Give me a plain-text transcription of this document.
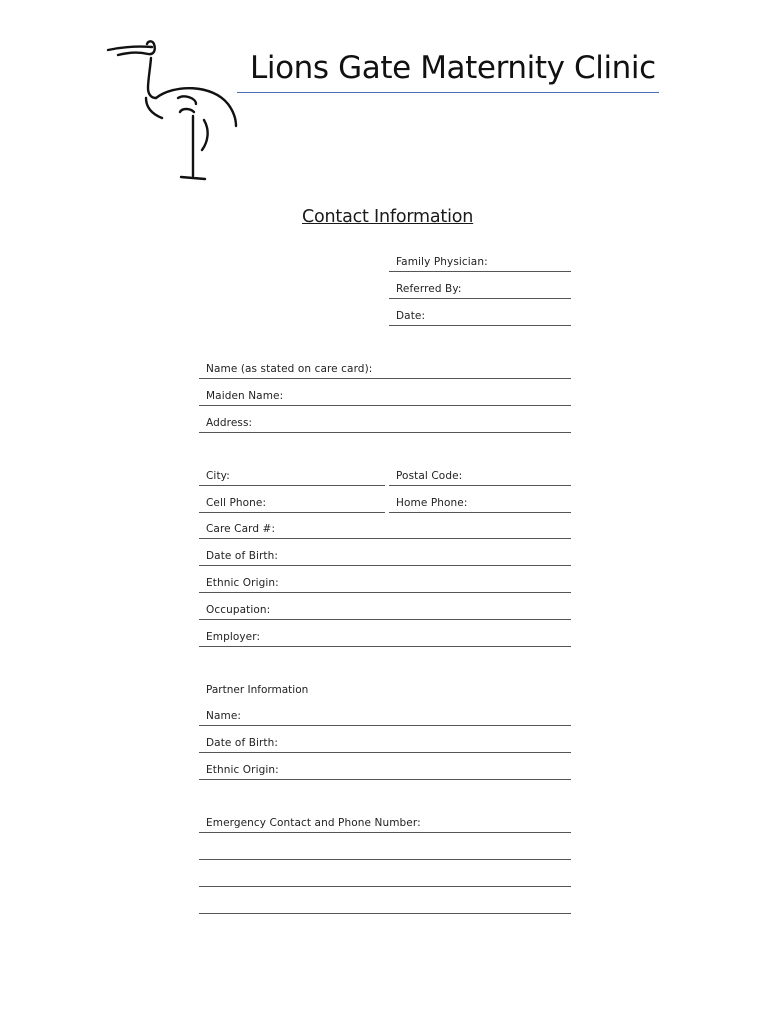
Lions Gate Maternity Clinic
Contact Information
Family Physician:
Referred By:
Date:
Name (as stated on care card):
Maiden Name:
Address:
City:	Postal Code:
Cell Phone:	Home Phone:
Care Card #:
Date of Birth:
Ethnic Origin:
Occupation:
Employer:
Partner Information
Name:
Date of Birth:
Ethnic Origin:
Emergency Contact and Phone Number:
